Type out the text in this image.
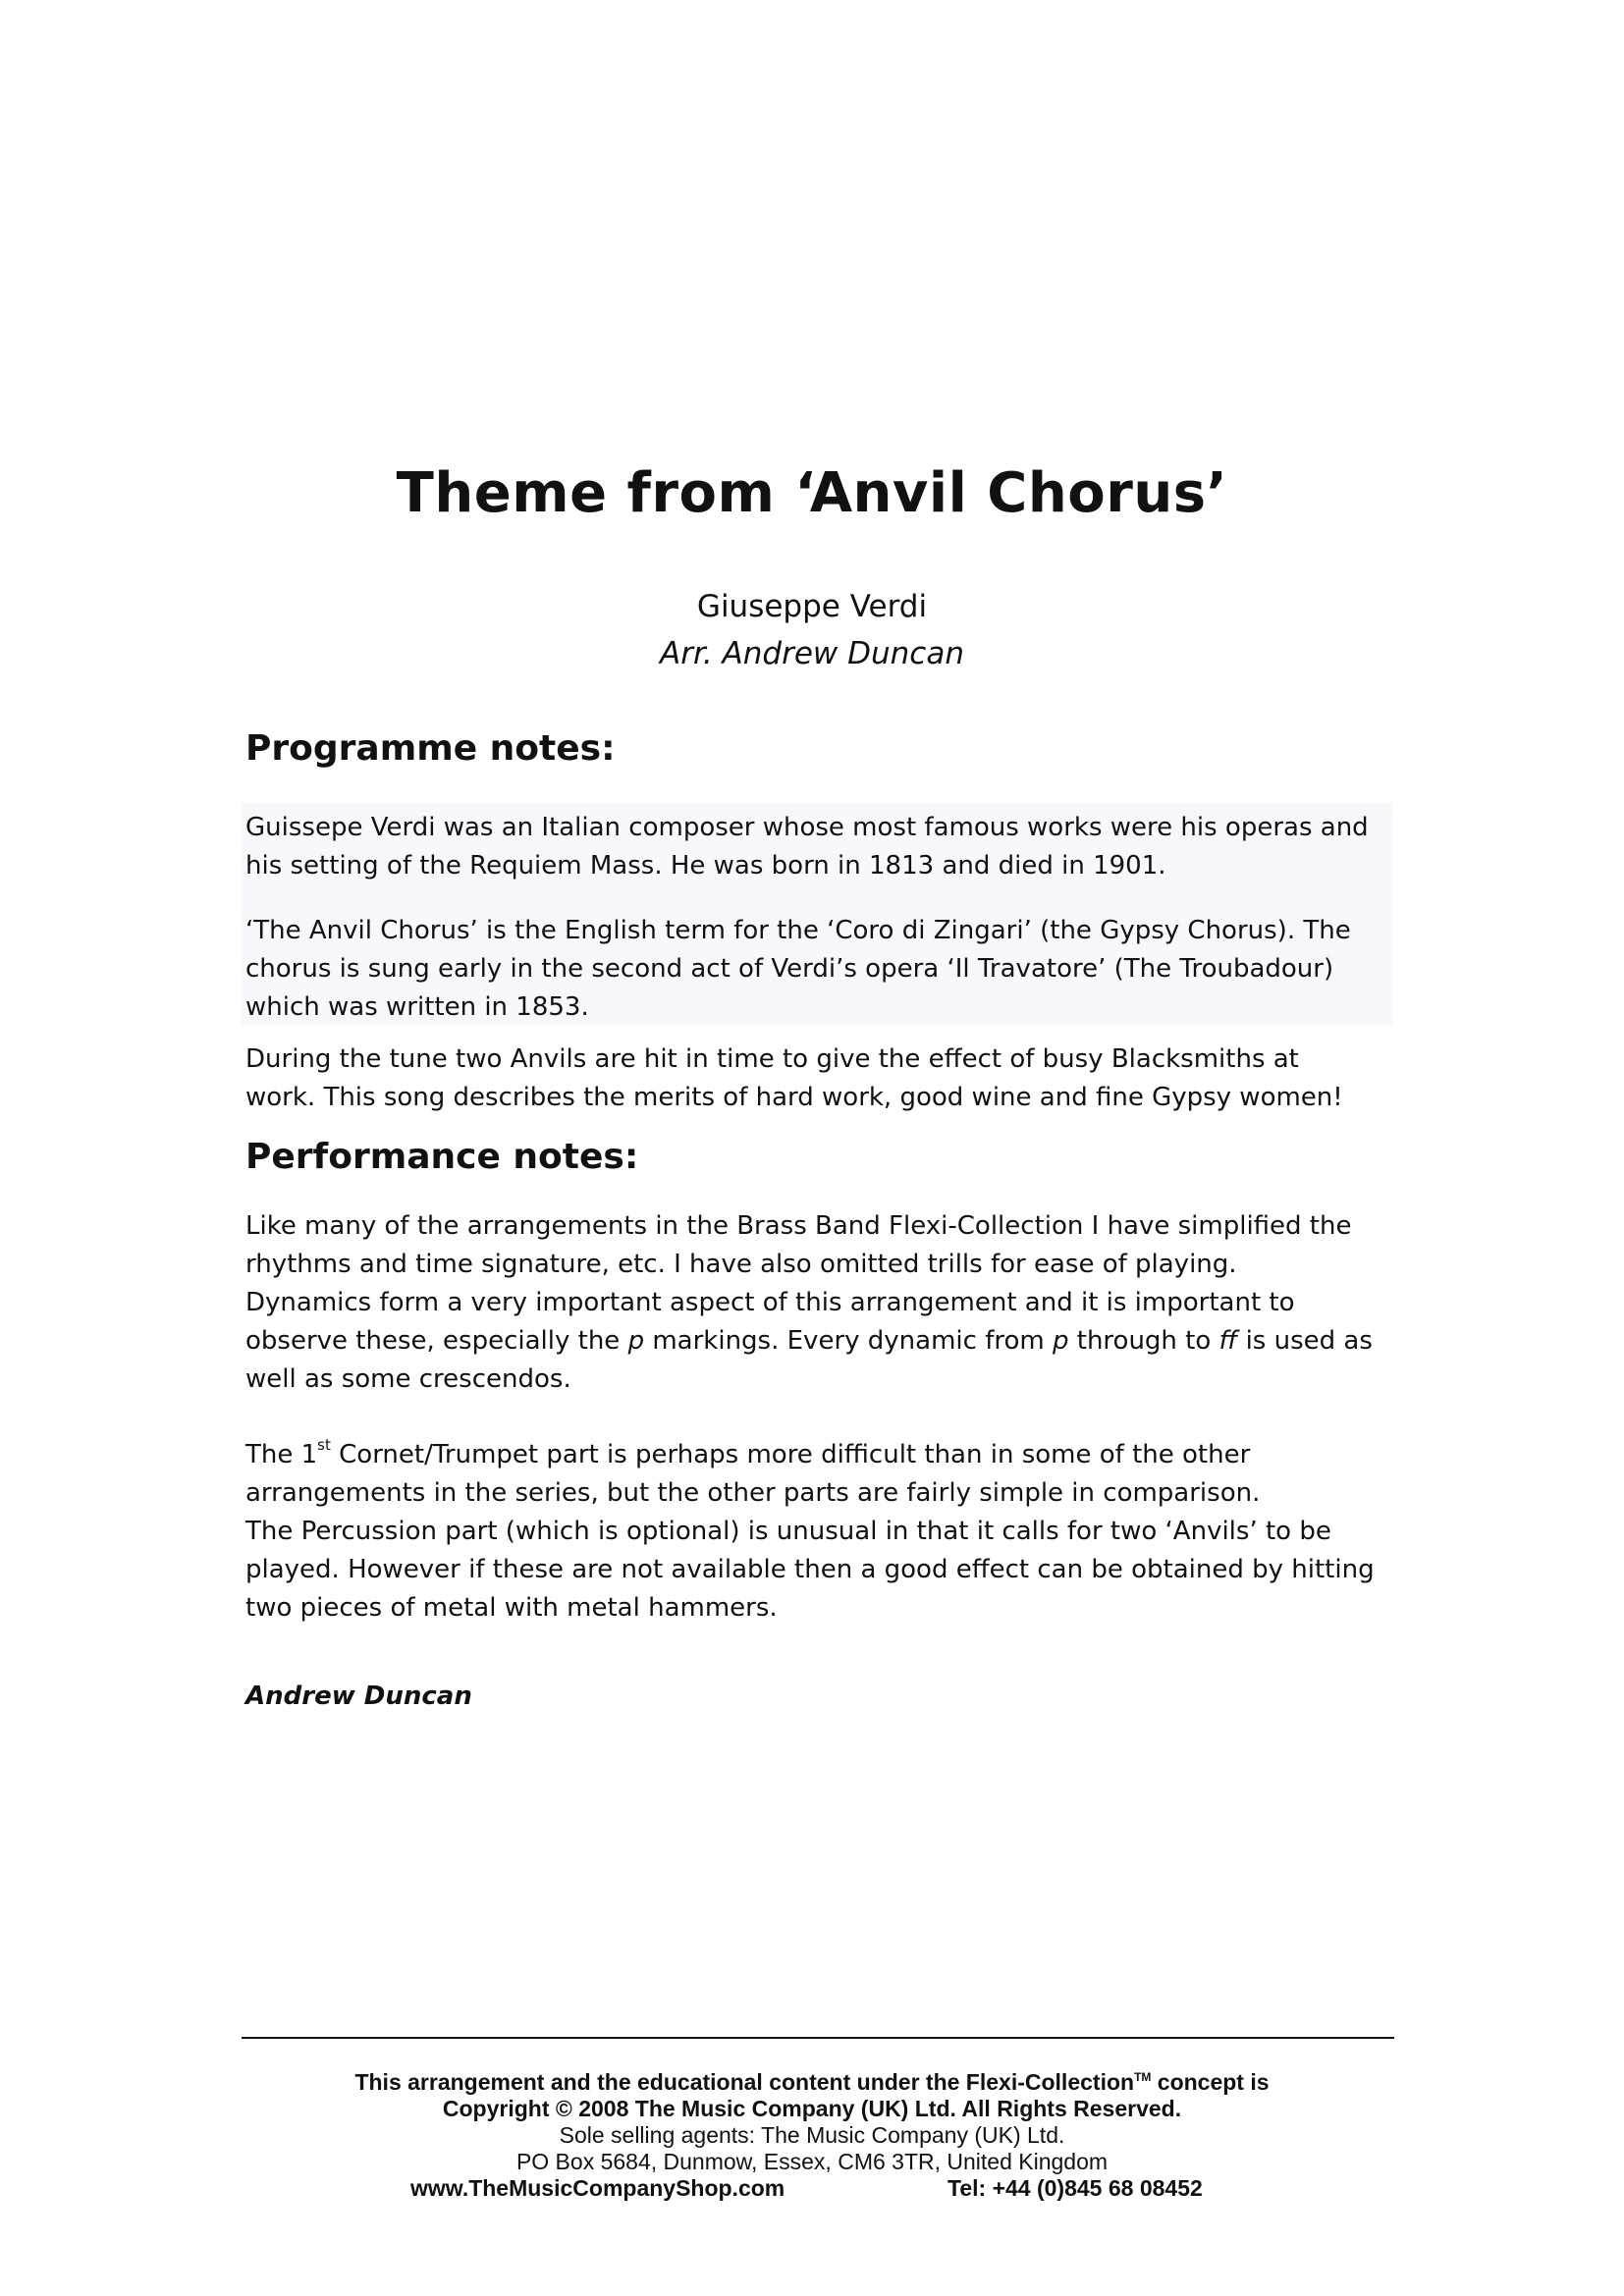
Theme from ‘Anvil Chorus’
Giuseppe Verdi
Arr. Andrew Duncan
Programme notes:
Guissepe Verdi was an Italian composer whose most famous works were his operas and
his setting of the Requiem Mass. He was born in 1813 and died in 1901.
‘The Anvil Chorus’ is the English term for the ‘Coro di Zingari’ (the Gypsy Chorus). The
chorus is sung early in the second act of Verdi’s opera ‘Il Travatore’ (The Troubadour)
which was written in 1853.
During the tune two Anvils are hit in time to give the effect of busy Blacksmiths at
work. This song describes the merits of hard work, good wine and fine Gypsy women!
Performance notes:
Like many of the arrangements in the Brass Band Flexi-Collection I have simplified the
rhythms and time signature, etc. I have also omitted trills for ease of playing.
Dynamics form a very important aspect of this arrangement and it is important to
observe these, especially the p markings. Every dynamic from p through to ff is used as
well as some crescendos.
The 1st Cornet/Trumpet part is perhaps more difficult than in some of the other
arrangements in the series, but the other parts are fairly simple in comparison.
The Percussion part (which is optional) is unusual in that it calls for two ‘Anvils’ to be
played. However if these are not available then a good effect can be obtained by hitting
two pieces of metal with metal hammers.
Andrew Duncan
This arrangement and the educational content under the Flexi-Collection™ concept is
Copyright © 2008 The Music Company (UK) Ltd. All Rights Reserved.
Sole selling agents: The Music Company (UK) Ltd.
PO Box 5684, Dunmow, Essex, CM6 3TR, United Kingdom
www.TheMusicCompanyShop.com	Tel: +44 (0)845 68 08452
